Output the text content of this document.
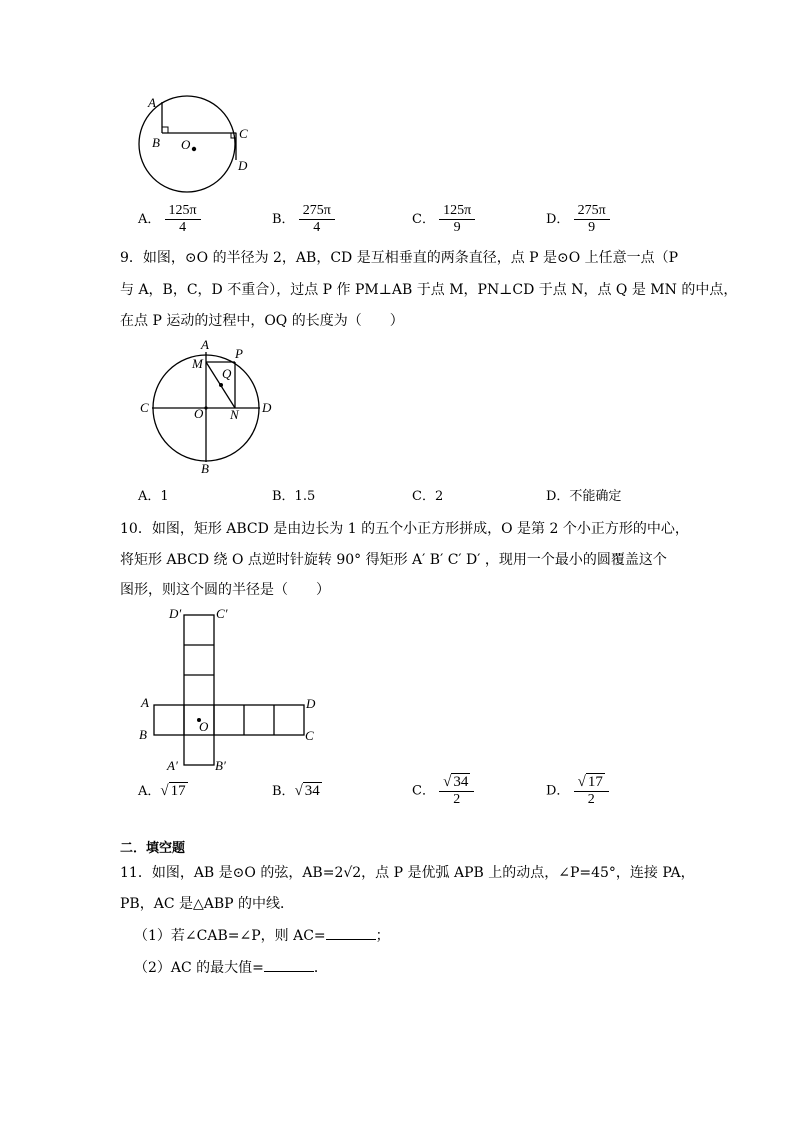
A
B O
C
D
A． $\frac{125\pi}{4}$	B． $\frac{275\pi}{4}$	C． $\frac{125\pi}{9}$	D． $\frac{275\pi}{9}$
9．如图，⊙O 的半径为 2，AB，CD 是互相垂直的两条直径，点 P 是⊙O 上任意一点（P
与 A，B，C，D 不重合），过点 P 作 PM⊥AB 于点 M，PN⊥CD 于点 N，点 Q 是 MN 的中点，
在点 P 运动的过程中，OQ 的长度为（　　）
A
P
M
Q
C	O N D
B
A．1	B．1.5	C．2	D．不能确定
10．如图，矩形 ABCD 是由边长为 1 的五个小正方形拼成，O 是第 2 个小正方形的中心，
将矩形 ABCD 绕 O 点逆时针旋转 90° 得矩形 A′ B′ C′ D′ ，现用一个最小的圆覆盖这个
图形，则这个圆的半径是（　　）
D′	C′
A	D
B
O
C
A′	B′
A．√ 17	B．√ 34	C． $\frac{√ 34}{2}$	D． $\frac{√ 17}{2}$
二．填空题
11．如图，AB 是⊙O 的弦，AB=2√2，点 P 是优弧 APB 上的动点，∠P=45°，连接 PA，
PB，AC 是△ABP 的中线．
（1）若∠CAB=∠P，则 AC=	；
（2）AC 的最大值=	．
